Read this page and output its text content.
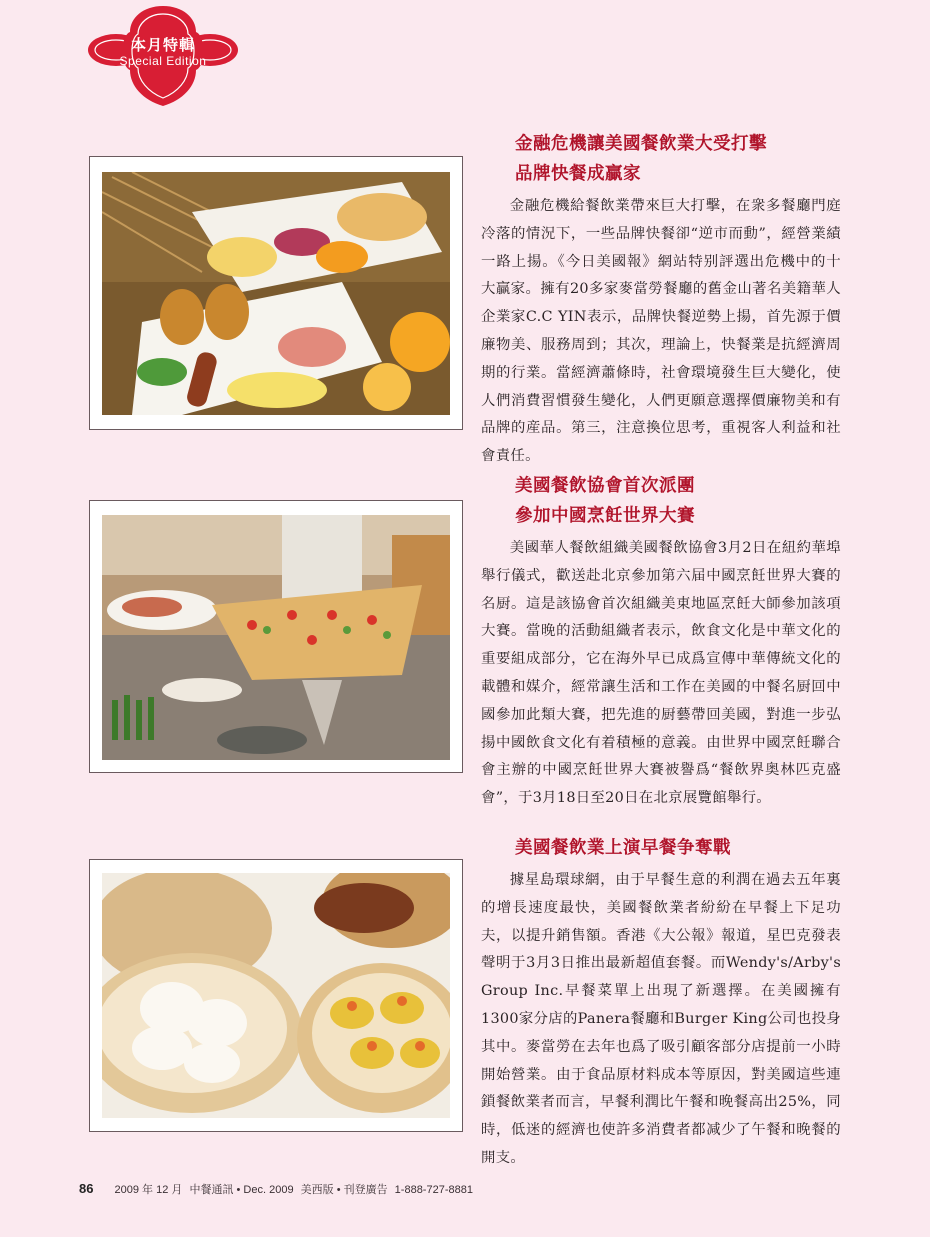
本月特輯
Special Edition
金融危機讓美國餐飲業大受打擊
品牌快餐成贏家

金融危機給餐飲業帶來巨大打擊，在衆多餐廳門庭冷落的情況下，一些品牌快餐卻“逆市而動”，經營業績一路上揚。《今日美國報》網站特别評選出危機中的十大贏家。擁有20多家麥當勞餐廳的舊金山著名美籍華人企業家C.C YIN表示，品牌快餐逆勢上揚，首先源于價廉物美、服務周到；其次，理論上，快餐業是抗經濟周期的行業。當經濟蕭條時，社會環境發生巨大變化，使人們消費習慣發生變化，人們更願意選擇價廉物美和有品牌的産品。第三，注意換位思考，重視客人利益和社會責任。

美國餐飲協會首次派團
參加中國烹飪世界大賽

美國華人餐飲組織美國餐飲協會3月2日在紐約華埠舉行儀式，歡送赴北京參加第六届中國烹飪世界大賽的名厨。這是該協會首次組織美東地區烹飪大師參加該項大賽。當晚的活動組織者表示，飲食文化是中華文化的重要組成部分，它在海外早已成爲宣傳中華傳統文化的載體和媒介，經常讓生活和工作在美國的中餐名厨回中國參加此類大賽，把先進的厨藝帶回美國，對進一步弘揚中國飲食文化有着積極的意義。由世界中國烹飪聯合會主辦的中國烹飪世界大賽被譽爲“餐飲界奥林匹克盛會”，于3月18日至20日在北京展覽館舉行。

美國餐飲業上演早餐争奪戰

據星島環球網，由于早餐生意的利潤在過去五年裏的增長速度最快，美國餐飲業者紛紛在早餐上下足功夫，以提升銷售額。香港《大公報》報道，星巴克發表聲明于3月3日推出最新超值套餐。而Wendy's/Arby's Group Inc.早餐菜單上出現了新選擇。在美國擁有1300家分店的Panera餐廳和Burger King公司也投身其中。麥當勞在去年也爲了吸引顧客部分店提前一小時開始營業。由于食品原材料成本等原因，對美國這些連鎖餐飲業者而言，早餐利潤比午餐和晚餐高出25%，同時，低迷的經濟也使許多消費者都减少了午餐和晚餐的開支。

86 2009 年 12 月 中餐通訊 • Dec. 2009 美西版 • 刊登廣告 1-888-727-8881
